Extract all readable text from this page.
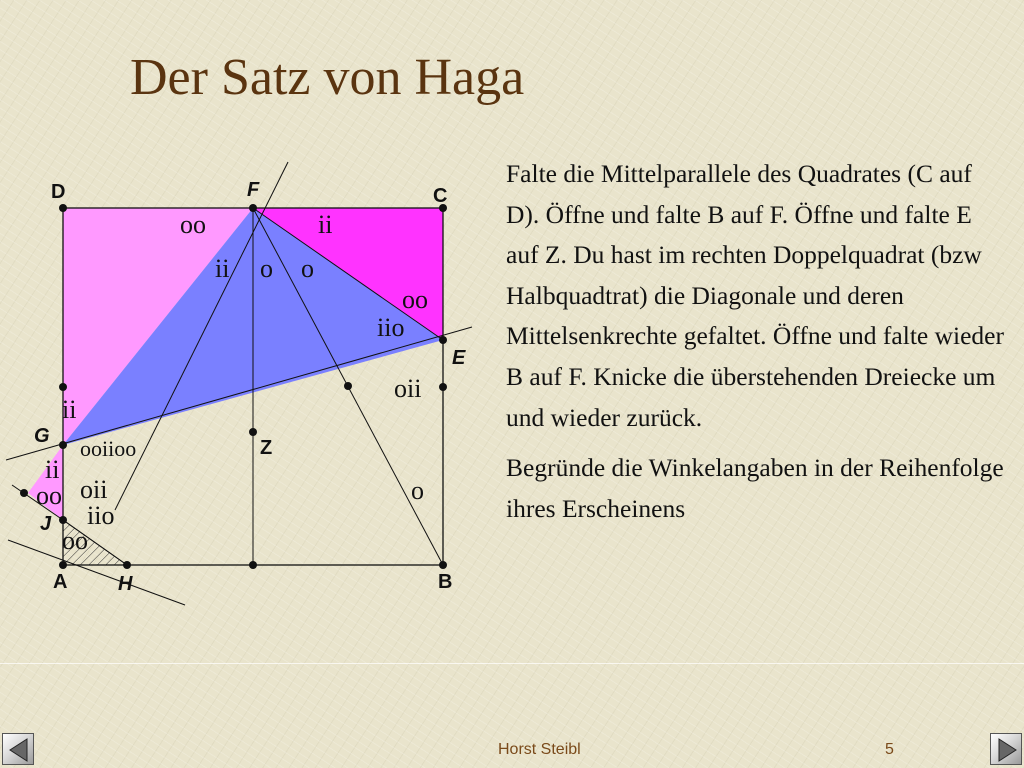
Der Satz von Haga
D	F	C
E
G
Z
J
A	H	B
oo	ii
ii o o
oo
iio
oii
o
ii
ooiioo
ii
oo oii
iio
oo

Falte die Mittelparallele des Quadrates (C auf D). Öffne und falte B auf F. Öffne und falte E auf Z. Du hast im rechten Doppelquadrat (bzw Halbquadtrat) die Diagonale und deren Mittelsenkrechte gefaltet. Öffne und falte wieder B auf F. Knicke die überstehenden Dreiecke um und wieder zurück.

Begründe die Winkelangaben in der Reihenfolge ihres Erscheinens

Horst Steibl	5
